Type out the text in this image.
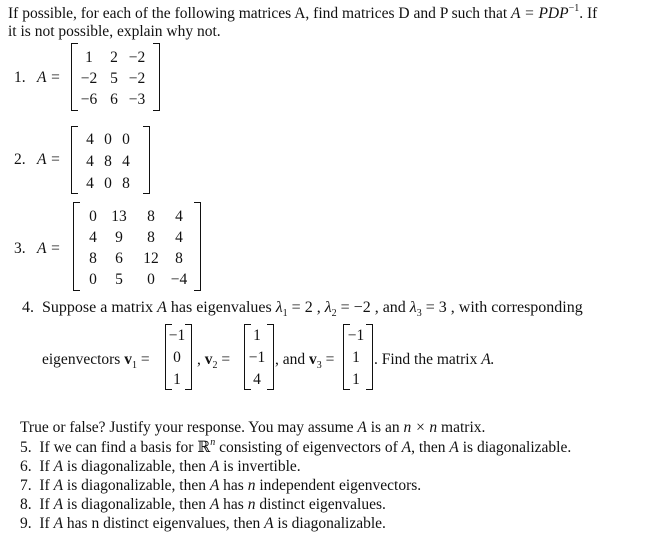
If possible, for each of the following matrices A, find matrices D and P such that $A = PDP^{-1}$. If
it is not possible, explain why not.
1. A =
1	2 −2
−2 5 −2
−6 6 −3
2. A =
4 0 0
4 8 4
4 0 8
3. A =
0 13	8	4
4	9	8	4
8	6	12	8
0	5	0	−4
4. Suppose a matrix A has eigenvalues $\lambda_1 = 2$ , $\lambda_2 = -2$ , and $\lambda_3 = 3$ , with corresponding
eigenvectors $v_1$ =
−1
0
1
, $v_2$ =
1
−1
4
, and $v_3$ =
−1
1
1
. Find the matrix A.
True or false? Justify your response. You may assume A is an n × n matrix.
5. If we can find a basis for ℝ$^n$ consisting of eigenvectors of A, then A is diagonalizable.
6. If A is diagonalizable, then A is invertible.
7. If A is diagonalizable, then A has n independent eigenvectors.
8. If A is diagonalizable, then A has n distinct eigenvalues.
9. If A has n distinct eigenvalues, then A is diagonalizable.
